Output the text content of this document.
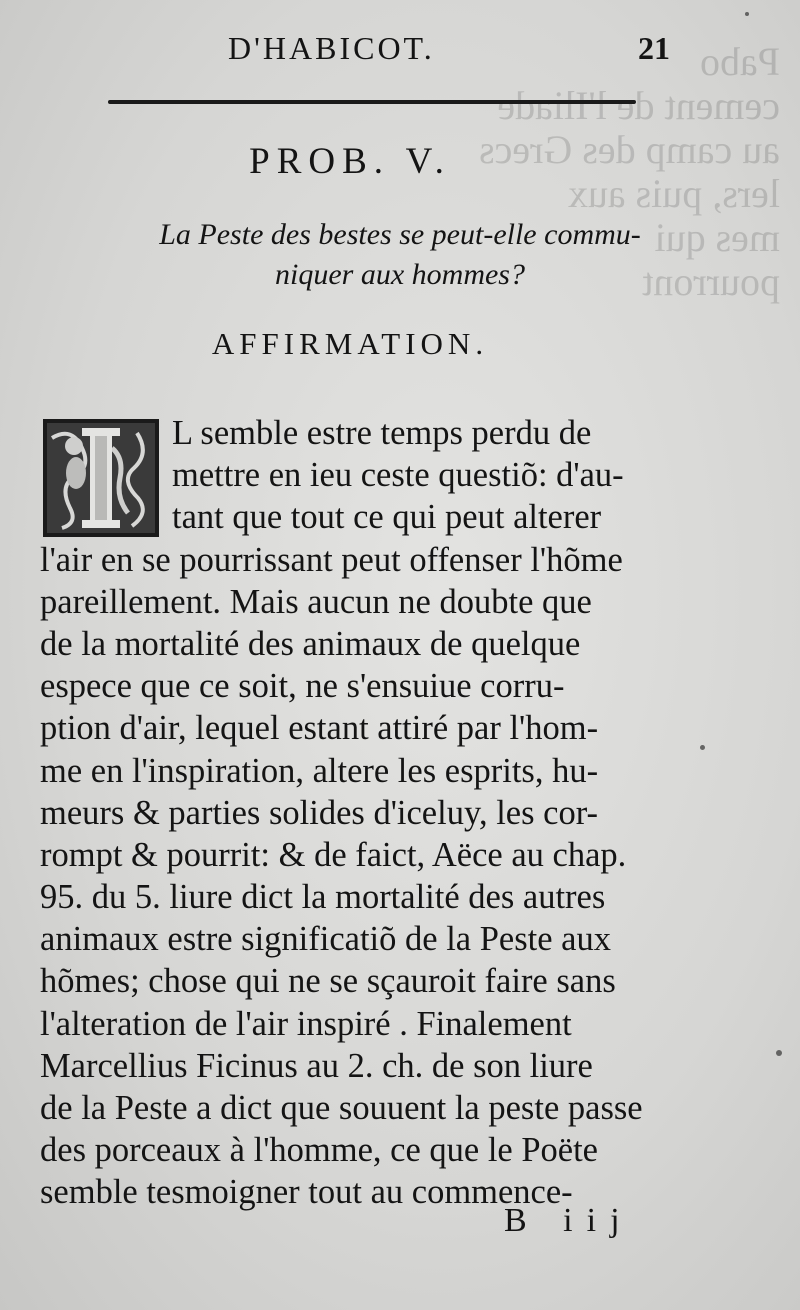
Pabo
cement de l'Iliade
au camp des Grecs
lers, puis aux
mes qui
pourront
D'HABICOT.	21
PROB. V.
La Peste des bestes se peut-elle commu-
niquer aux hommes?
AFFIRMATION.
L semble estre temps perdu de
mettre en ieu ceste questiõ: d'au-
tant que tout ce qui peut alterer
l'air en se pourrissant peut offenser l'hõme
pareillement. Mais aucun ne doubte que
de la mortalité des animaux de quelque
espece que ce soit, ne s'ensuiue corru-
ption d'air, lequel estant attiré par l'hom-
me en l'inspiration, altere les esprits, hu-
meurs & parties solides d'iceluy, les cor-
rompt & pourrit: & de faict, Aëce au chap.
95. du 5. liure dict la mortalité des autres
animaux estre significatiõ de la Peste aux
hõmes; chose qui ne se sçauroit faire sans
l'alteration de l'air inspiré . Finalement
Marcellius Ficinus au 2. ch. de son liure
de la Peste a dict que souuent la peste passe
des porceaux à l'homme, ce que le Poëte
semble tesmoigner tout au commence-
B iij
